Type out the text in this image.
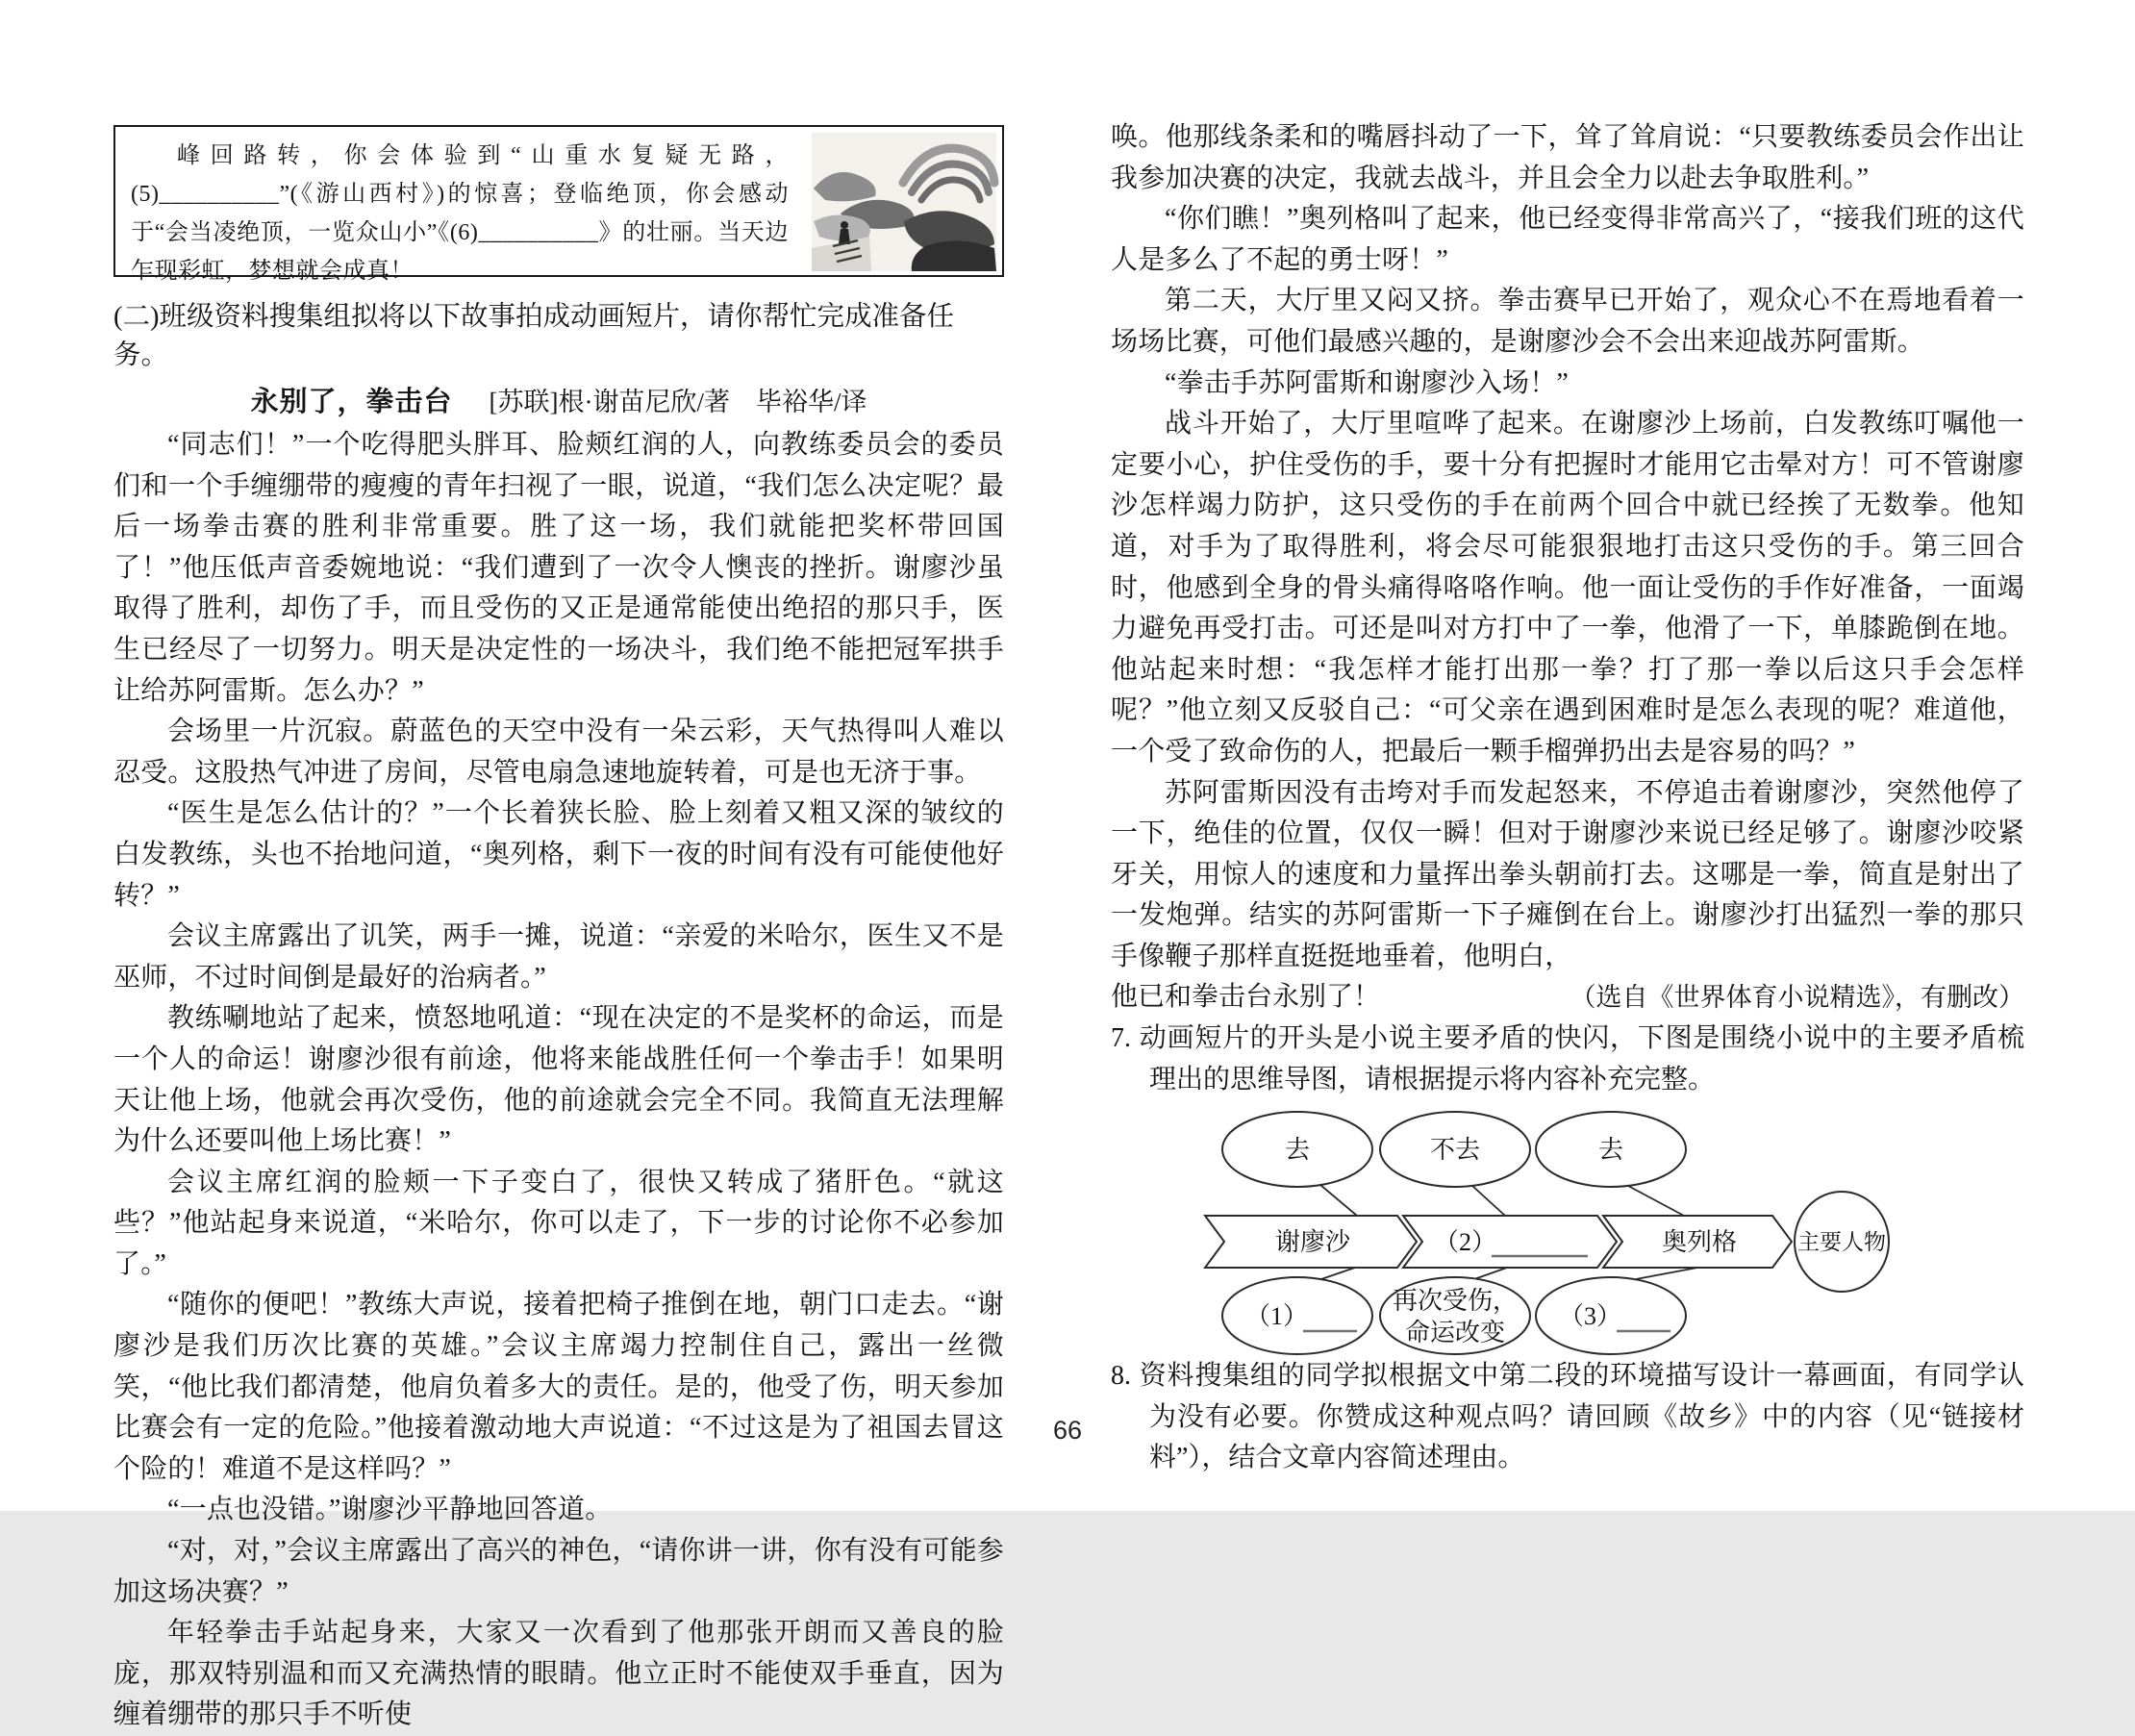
峰回路转，你会体验到“山重水复疑无路，(5)__________”(《游山西村》)的惊喜；登临绝顶，你会感动于“会当凌绝顶，一览众山小”《(6)__________》的壮丽。当天边乍现彩虹，梦想就会成真！
(二)班级资料搜集组拟将以下故事拍成动画短片，请你帮忙完成准备任务。
永别了，拳击台 [苏联]根·谢苗尼欣/著　毕裕华/译

“同志们！”一个吃得肥头胖耳、脸颊红润的人，向教练委员会的委员们和一个手缠绷带的瘦瘦的青年扫视了一眼，说道，“我们怎么决定呢？最后一场拳击赛的胜利非常重要。胜了这一场，我们就能把奖杯带回国了！”他压低声音委婉地说：“我们遭到了一次令人懊丧的挫折。谢廖沙虽取得了胜利，却伤了手，而且受伤的又正是通常能使出绝招的那只手，医生已经尽了一切努力。明天是决定性的一场决斗，我们绝不能把冠军拱手让给苏阿雷斯。怎么办？”

会场里一片沉寂。蔚蓝色的天空中没有一朵云彩，天气热得叫人难以忍受。这股热气冲进了房间，尽管电扇急速地旋转着，可是也无济于事。

“医生是怎么估计的？”一个长着狭长脸、脸上刻着又粗又深的皱纹的白发教练，头也不抬地问道，“奥列格，剩下一夜的时间有没有可能使他好转？”

会议主席露出了讥笑，两手一摊，说道：“亲爱的米哈尔，医生又不是巫师，不过时间倒是最好的治病者。”

教练唰地站了起来，愤怒地吼道：“现在决定的不是奖杯的命运，而是一个人的命运！谢廖沙很有前途，他将来能战胜任何一个拳击手！如果明天让他上场，他就会再次受伤，他的前途就会完全不同。我简直无法理解为什么还要叫他上场比赛！”

会议主席红润的脸颊一下子变白了，很快又转成了猪肝色。“就这些？”他站起身来说道，“米哈尔，你可以走了，下一步的讨论你不必参加了。”

“随你的便吧！”教练大声说，接着把椅子推倒在地，朝门口走去。“谢廖沙是我们历次比赛的英雄。”会议主席竭力控制住自己，露出一丝微笑，“他比我们都清楚，他肩负着多大的责任。是的，他受了伤，明天参加比赛会有一定的危险。”他接着激动地大声说道：“不过这是为了祖国去冒这个险的！难道不是这样吗？”

“一点也没错。”谢廖沙平静地回答道。

“对，对，”会议主席露出了高兴的神色，“请你讲一讲，你有没有可能参加这场决赛？”

年轻拳击手站起身来，大家又一次看到了他那张开朗而又善良的脸庞，那双特别温和而又充满热情的眼睛。他立正时不能使双手垂直，因为缠着绷带的那只手不听使

唤。他那线条柔和的嘴唇抖动了一下，耸了耸肩说：“只要教练委员会作出让我参加决赛的决定，我就去战斗，并且会全力以赴去争取胜利。”

“你们瞧！”奥列格叫了起来，他已经变得非常高兴了，“接我们班的这代人是多么了不起的勇士呀！”

第二天，大厅里又闷又挤。拳击赛早已开始了，观众心不在焉地看着一场场比赛，可他们最感兴趣的，是谢廖沙会不会出来迎战苏阿雷斯。

“拳击手苏阿雷斯和谢廖沙入场！”

战斗开始了，大厅里喧哗了起来。在谢廖沙上场前，白发教练叮嘱他一定要小心，护住受伤的手，要十分有把握时才能用它击晕对方！可不管谢廖沙怎样竭力防护，这只受伤的手在前两个回合中就已经挨了无数拳。他知道，对手为了取得胜利，将会尽可能狠狠地打击这只受伤的手。第三回合时，他感到全身的骨头痛得咯咯作响。他一面让受伤的手作好准备，一面竭力避免再受打击。可还是叫对方打中了一拳，他滑了一下，单膝跪倒在地。他站起来时想：“我怎样才能打出那一拳？打了那一拳以后这只手会怎样呢？”他立刻又反驳自己：“可父亲在遇到困难时是怎么表现的呢？难道他，一个受了致命伤的人，把最后一颗手榴弹扔出去是容易的吗？”

苏阿雷斯因没有击垮对手而发起怒来，不停追击着谢廖沙，突然他停了一下，绝佳的位置，仅仅一瞬！但对于谢廖沙来说已经足够了。谢廖沙咬紧牙关，用惊人的速度和力量挥出拳头朝前打去。这哪是一拳，简直是射出了一发炮弹。结实的苏阿雷斯一下子瘫倒在台上。谢廖沙打出猛烈一拳的那只手像鞭子那样直挺挺地垂着，他明白，

他已和拳击台永别了！	（选自《世界体育小说精选》，有删改）

7. 动画短片的开头是小说主要矛盾的快闪，下图是围绕小说中的主要矛盾梳理出的思维导图，请根据提示将内容补充完整。

去	不去	去
谢廖沙	（2）	奥列格	主要人物
（1）
再次受伤，
命运改变
（3）

8. 资料搜集组的同学拟根据文中第二段的环境描写设计一幕画面，有同学认为没有必要。你赞成这种观点吗？请回顾《故乡》中的内容（见“链接材料”），结合文章内容简述理由。

66
